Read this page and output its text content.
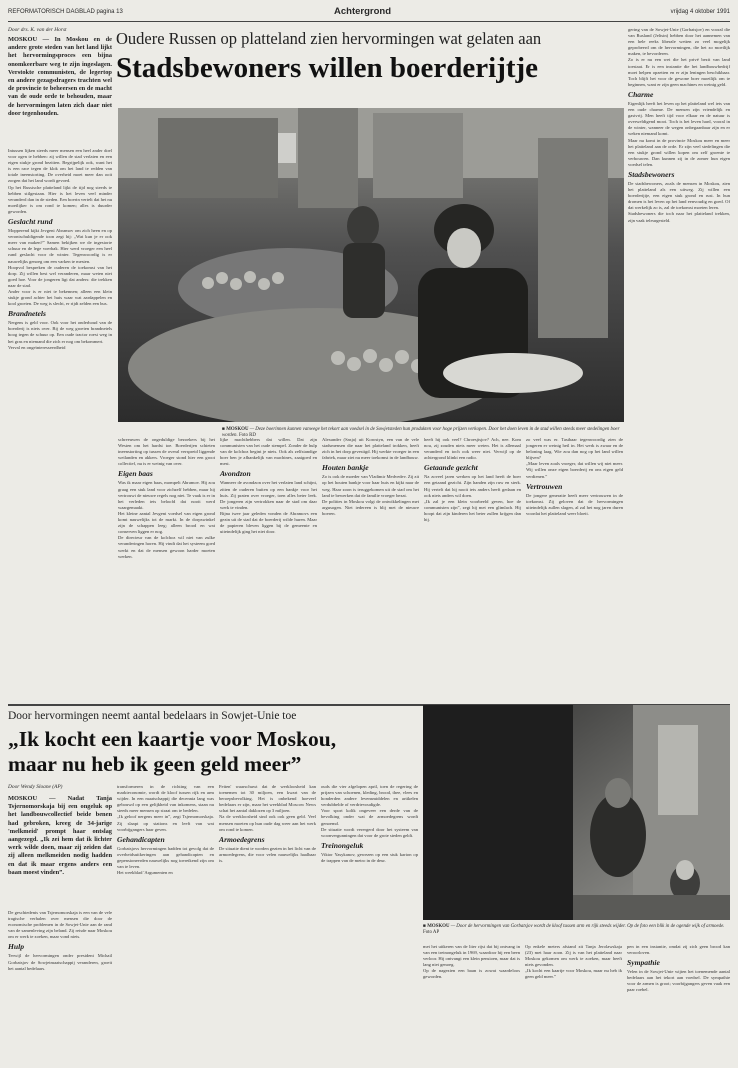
REFORMATORISCH DAGBLAD pagina 13	Achtergrond	vrijdag 4 oktober 1991
Door drs. K. van der Horst
MOSKOU — In Moskou en de andere grote steden van het land lijkt het hervormingsproces een bijna onomkeerbare weg te zijn ingeslagen. Verstokte communisten, de legertop en andere gezagsdragers trachten wel de provincie te beheersen en de macht van de oude orde te behouden, maar de hervormingen laten zich daar niet door tegenhouden.
Oudere Russen op platteland zien hervormingen wat gelaten aan
Stadsbewoners willen boerderijtje
■ MOSKOU — Deze boerinnen kunnen vanwege het tekort aan voedsel in de Sowjetsteden hun produkten voor hoge prijzen verkopen. Door het doen leven in de stad willen steeds meer stedelingen boer worden. Foto RD
Intussen lijken steeds meer mensen een heel ander doel voor ogen te hebben: zij willen de stad verlaten en een eigen stukje grond bezitten. Begrijpelijk ook, want het is een race tegen de klok om het land te redden van totale ineenstorting. De overheid moet meer dan ooit zorgen dat het land wordt gevoed.
Op het Russische platteland lijkt de tijd nog steeds te hebben stilgestaan. Hier is het leven veel minder veranderd dan in de steden. Een boerin vertelt dat het nu moeilijker is om rond te komen; alles is duurder geworden.
Geslacht rund
Mopperend kijkt Jevgeni Abramov om zich heen en op verontschuldigende toon zegt hij: „Wat kun je er ook meer van maken?” Samen bekijken we de ingestorte schuur en de lege voerbak. Hier werd vroeger een heel rund geslacht voor de winter. Tegenwoordig is er nauwelijks genoeg om een varken te mesten.
Hoopvol bespreken de ouderen de toekomst van het dorp. Zij willen best wel veranderen, maar weten niet goed hoe. Voor de jongeren ligt dat anders: die trekken naar de stad.
Ander voor is er niet te bekennen; alleen een klein stukje grond achter het huis waar wat aardappelen en kool groeien. De weg is slecht, er rijdt zelden een bus.
Brandnetels
Nergens is geld voor. Ook voor het onderhoud van de boerderij is niets over. Bij de weg groeien brandnetels hoog tegen de schuur op. Een oude tractor roest weg in het gras en niemand die zich er nog om bekommert.
Verval en ongeïnteresseerdheid
schreeuwen de ongeduldige bezoekers bij het Westen om het hardst toe. Boerderijen schieten ineenstorting op tussen de overal verspreid liggende weilanden en akkers. Vroeger stond hier een groot collectief, nu is er weinig van over.
Eigen baas
Was ik maar eigen baas, mompelt Abramov. Hij zou graag een stuk land voor zichzelf hebben, maar hij vertrouwt de nieuwe regels nog niet. Te vaak is er in het verleden iets beloofd dat nooit werd waargemaakt.
Het kleine aantal Jevgeni voedsel van eigen grond komt nauwelijks tot de markt. In de dorpswinkel zijn de schappen leeg; alleen brood en wat conserven liggen er nog.
De directeur van de kolchoz wil niet van zulke veranderingen horen. Hij vindt dat het systeem goed werkt en dat de mensen gewoon harder moeten werken.
lijke machthebbers dat willen. Dat zijn communisten van het oude stempel. Zonder de hulp van de kolchoz begint je niets. Ook als zelfstandige boer ben je afhankelijk van machines, zaaigoed en mest.
Avondzon
Wanneer de avondzon over het verlaten land schijnt, zitten de ouderen buiten op een bankje voor het huis. Zij praten over vroeger, toen alles beter leek. De jongeren zijn vertrokken naar de stad om daar werk te vinden.
Bijna twee jaar geleden vonden de Abramovs een gezin uit de stad dat de boerderij wilde huren. Maar de papieren bleven liggen bij de gemeente en uiteindelijk ging het niet door.
Alexander (Sasja) uit Korostyn, een van de vele stadsmensen die naar het platteland trokken, heeft zich in het dorp gevestigd. Hij werkte vroeger in een fabriek, maar ziet nu meer toekomst in de landbouw.
Houten bankje
Zo is ook de moeder van Vladimir Medvedev. Zij zit op het houten bankje voor haar huis en kijkt naar de weg. Haar zoon is teruggekomen uit de stad om het land te bewerken dat de familie vroeger bezat.
De polities in Moskou volgt de ontwikkelingen met argusogen. Niet iedereen is blij met de nieuwe boeren.
heeft hij ook veel? Chroesjtsjov? Ach, nee. Kom nou, zij zouden niets meer weten. Het is allemaal veranderd en toch ook weer niet. Verwijl op de achtergrond klinkt een radio.
Getaande gezicht
Na zoveel jaren werken op het land heeft de boer een getaand gezicht. Zijn handen zijn ruw en sterk. Hij vertelt dat hij nooit iets anders heeft gedaan en ook niets anders wil doen.
„Ik zal je een klein voorbeeld geven, hoe de communisten zijn”, zegt hij met een glimlach. Hij hoopt dat zijn kinderen het beter zullen krijgen dan hij.
zo veel was er. Tastbaar tegenwoordig zien de jongeren er weinig heil in. Het werk is zwaar en de beloning laag. Wie zou dan nog op het land willen blijven?
„Maar leven zoals vroeger, dat willen wij niet meer. Wij willen onze eigen boerderij en ons eigen geld verdienen.”
Vertrouwen
De jongere generatie heeft meer vertrouwen in de toekomst. Zij geloven dat de hervormingen uiteindelijk zullen slagen, al zal het nog jaren duren voordat het platteland weer bloeit.
gering van de Sowjet-Unie (Gorbatsjov) en vooral die van Rusland (Jeltsin) hebben door het aannemen van een hele reeks liberale wetten zo veel mogelijk geprobeerd om de hervormingen, die het zo moeilijk maken, te bevorderen.
Zo is er nu een wet die het privé bezit van land toestaat. Er is een instantie die het landbouwbedrijf moet helpen opzetten en er zijn leningen beschikbaar. Toch blijft het voor de gewone boer moeilijk om te beginnen, want er zijn geen machines en weinig geld.
Charme
Eigenlijk heeft het leven op het platteland wel iets van een oude charme. De mensen zijn vriendelijk en gastvrij. Men heeft tijd voor elkaar en de natuur is overweldigend mooi. Toch is het leven hard, vooral in de winter, wanneer de wegen onbegaanbaar zijn en er weken niemand komt.
Maar nu komt in de provincie Moskou meer en meer het platteland aan de orde. Er zijn veel stedelingen die een stukje grond willen kopen om zelf groente te verbouwen. Dan kunnen zij in de zomer hun eigen voedsel telen.
Stadsbewoners
De stadsbewoners, zoals de mensen in Moskou, zien het platteland als een uitweg. Zij willen een boerderijtje, een eigen stuk grond en rust. In hun dromen is het leven op het land eenvoudig en goed. Of dat werkelijk zo is, zal de toekomst moeten leren.
Stadsbewoners die toch naar het platteland trekken, zijn vaak teleurgesteld.
Door hervormingen neemt aantal bedelaars in Sowjet-Unie toe
„Ik kocht een kaartje voor Moskou,
maar nu heb ik geen geld meer”
Door Wendy Sloane (AP)
MOSKOU — Nadat Tanja Tsjernomorskaja bij een ongeluk op het landbouwcollectief beide benen had gebroken, kreeg de 34-jarige 'melkmeid' prompt haar ontslag aangezegd. „Ik zei hem dat ik lichter werk wilde doen, maar zij zeiden dat zij alleen melkmeiden nodig hadden en dat ik maar ergens anders een baan moest vinden”.
De geschiedenis van Tsjernomorskaja is een van de vele tragische verhalen over mensen die door de economische problemen in de Sowjet-Unie aan de rand van de samenleving zijn beland. Zij reisde naar Moskou om er werk te zoeken, maar vond niets.
Hulp
Terwijl de hervormingen onder president Michail Gorbatsjov de Sowjetmaatschappij veranderen, groeit het aantal bedelaars.
transformeren in de richting van een markteconomie, wordt de kloof tussen rijk en arm wijder. In een maatschappij die decennia lang was gebouwd op een gelijkheid van inkomens, staan nu steeds meer mensen op straat om te bedelen.
„Ik geloof nergens meer in”, zegt Tsjernomorskaja. Zij slaapt op stations en leeft van wat voorbijgangers haar geven.
Gehandicapten
Gorbatsjovs hervormingen hadden tot gevolg dat de overheidsuitkeringen aan gehandicapten en gepensioneerden nauwelijks nog toereikend zijn om van te leven.
Het weekblad 'Argumenten en
Feiten' waarschuwt dat de werkloosheid kan toenemen tot 30 miljoen, een kwart van de beroepsbevolking. Het is onbekend hoeveel bedelaars er zijn, maar het weekblad Moscow News schat het aantal daklozen op 3 miljoen.
Na de werkloosheid sind ook ook geen geld. Veel mensen moeten op hun oude dag weer aan het werk om rond te komen.
Armoedegrens
De situatie dient te worden gezien in het licht van de armoedegrens, die voor velen nauwelijks haalbaar is.
ouds die vier afgelopen april, toen de regering de prijzen van schoenen, kleding, brood, thee, vlees en honderden andere levensmiddelen en artikelen verdubbelde of verdrievoudigde.
Voor sport kolik ongeveer een derde van de bevolking onder wat de armoedegrens wordt genoemd.
De situatie wordt verergerd door het systeem van woonvergunningen dat voor de grote steden geldt.
Treinongeluk
Viktor Yasykanov, gewezen op een stuk karton op de trappen van de metro in de deur.
■ MOSKOU — Door de hervormingen van Gorbatsjov wordt de kloof tussen arm en rijk steeds wijder. Op de foto een blik in de ogende wijk of armoede. Foto AP
met het uitkeren van de liter rijst dat bij ontvang in van een treinongeluk in 1969, waardoor hij een been verloor. Hij ontvangt een klein pensioen, maar dat is lang niet genoeg.
Op de nagezien een baan is zowat waardeloos geworden.
Op enkele meters afstand zit Tanja Jerolawskaja (23) met haar zoon. Zij is van het platteland naar Moskou gekomen om werk te zoeken, maar heeft niets gevonden.
„Ik kocht een kaartje voor Moskou, maar nu heb ik geen geld meer.”
pen in een instantie, omdat zij zich geen brood kan veroorloven.
Sympathie
Velen in de Sowjet-Unie wijten het toenemende aantal bedelaars aan het tekort aan voedsel. De sympathie voor de armen is groot; voorbijgangers geven vaak een paar roebel.
